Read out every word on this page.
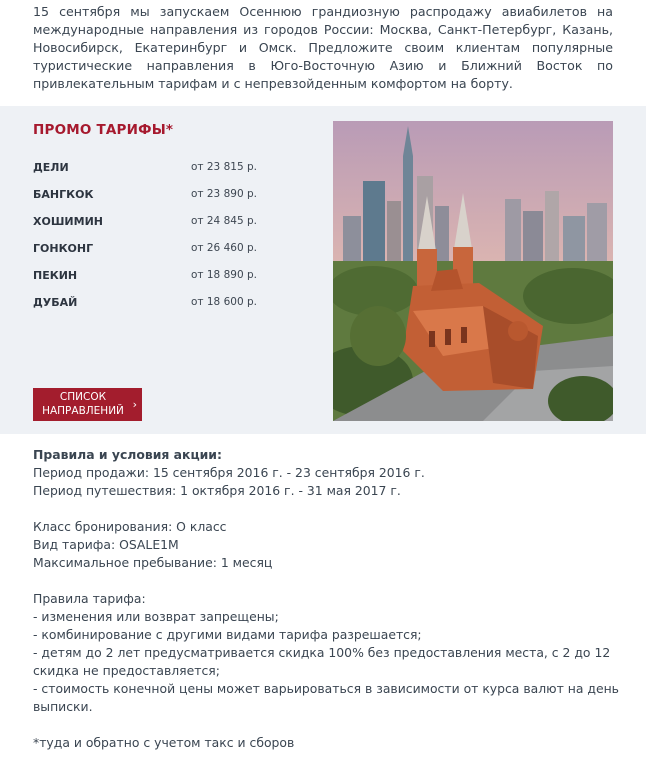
15 сентября мы запускаем Осеннюю грандиозную распродажу авиабилетов на международные направления из городов России: Москва, Санкт-Петербург, Казань, Новосибирск, Екатеринбург и Омск. Предложите своим клиентам популярные туристические направления в Юго-Восточную Азию и Ближний Восток по привлекательным тарифам и с непревзойденным комфортом на борту.
ПРОМО ТАРИФЫ*
ДЕЛИ	от 23 815 р.
БАНГКОК	от 23 890 р.
ХОШИМИН	от 24 845 р.
ГОНКОНГ	от 26 460 р.
ПЕКИН	от 18 890 р.
ДУБАЙ	от 18 600 р.
СПИСОК
НАПРАВЛЕНИЙ ›

Правила и условия акции:

Период продажи: 15 сентября 2016 г. - 23 сентября 2016 г.

Период путешествия: 1 октября 2016 г. - 31 мая 2017 г.

Класс бронирования: O класс

Вид тарифа: OSALE1M

Максимальное пребывание: 1 месяц

Правила тарифа:

- изменения или возврат запрещены;

- комбинирование с другими видами тарифа разрешается;

- детям до 2 лет предусматривается скидка 100% без предоставления места, с 2 до 12 скидка не предоставляется;

- стоимость конечной цены может варьироваться в зависимости от курса валют на день выписки.

*туда и обратно с учетом такс и сборов
